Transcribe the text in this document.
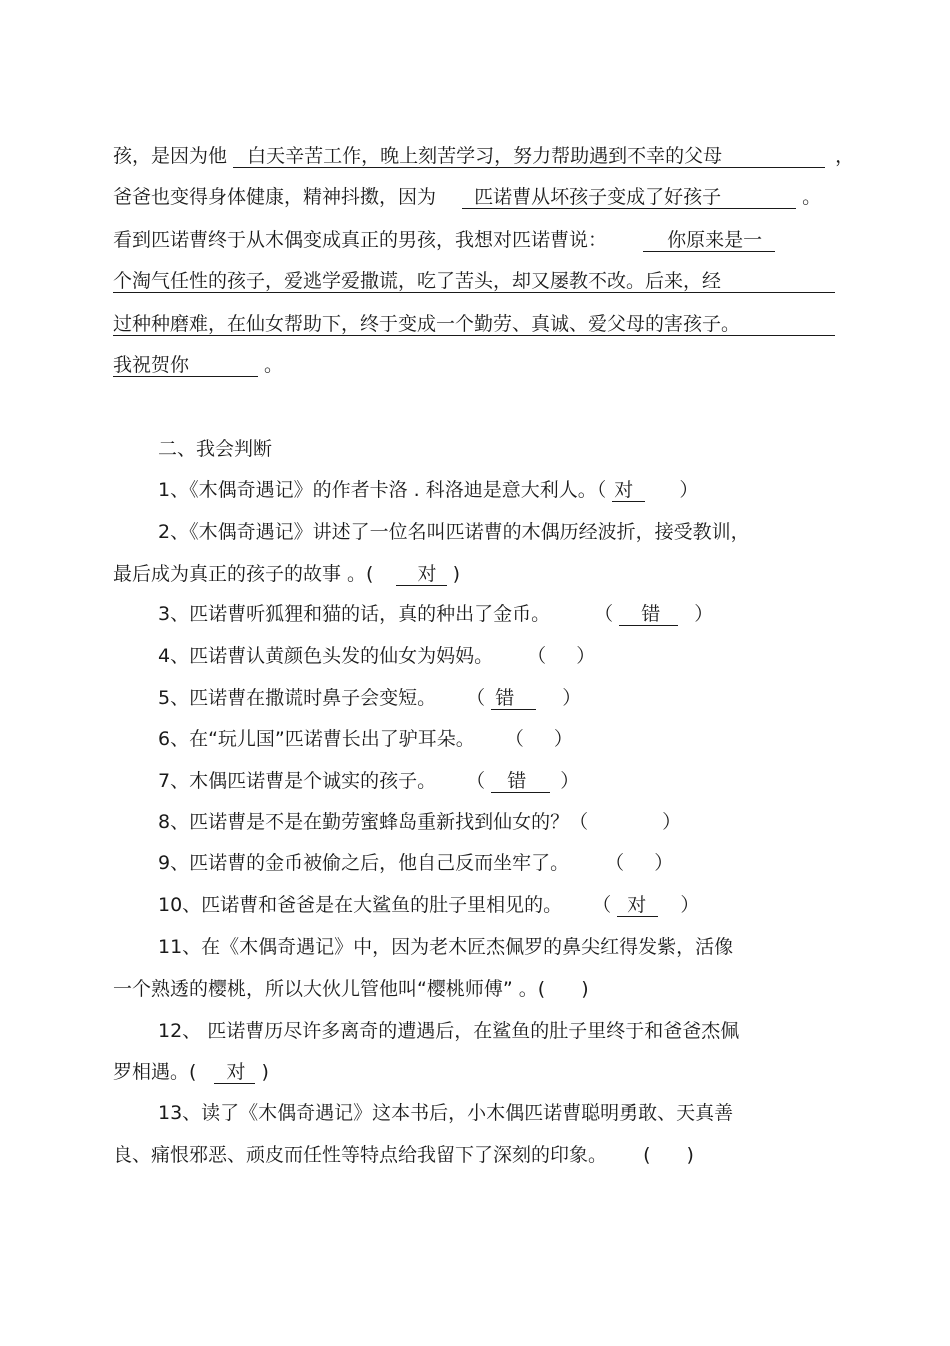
孩，是因为他 白天辛苦工作，晚上刻苦学习，努力帮助遇到不幸的父母	，
爸爸也变得身体健康，精神抖擞，因为 匹诺曹从坏孩子变成了好孩子	。
看到匹诺曹终于从木偶变成真正的男孩，我想对匹诺曹说：	你原来是一
个淘气任性的孩子，爱逃学爱撒谎，吃了苦头，却又屡教不改。后来，经
过种种磨难，在仙女帮助下，终于变成一个勤劳、真诚、爱父母的害孩子。
我祝贺你	。
二、我会判断
1、《木偶奇遇记》的作者卡洛 . 科洛迪是意大利人。（ 对 ）
2、《木偶奇遇记》讲述了一位名叫匹诺曹的木偶历经波折，接受教训，
最后成为真正的孩子的故事 。( 对 )
3、匹诺曹听狐狸和猫的话，真的种出了金币。 （ 错 ）
4、匹诺曹认黄颜色头发的仙女为妈妈。 （ ）
5、匹诺曹在撒谎时鼻子会变短。 （ 错	）
6、在“玩儿国”匹诺曹长出了驴耳朵。 （ ）
7、木偶匹诺曹是个诚实的孩子。 （ 错 ）
8、匹诺曹是不是在勤劳蜜蜂岛重新找到仙女的？（	）
9、匹诺曹的金币被偷之后，他自己反而坐牢了。 （ ）
10、匹诺曹和爸爸是在大鲨鱼的肚子里相见的。 （ 对 ）
11、在《木偶奇遇记》中，因为老木匠杰佩罗的鼻尖红得发紫，活像
一个熟透的樱桃，所以大伙儿管他叫“樱桃师傅” 。( )
12、 匹诺曹历尽许多离奇的遭遇后，在鲨鱼的肚子里终于和爸爸杰佩
罗相遇。( 对 )
13、读了《木偶奇遇记》这本书后，小木偶匹诺曹聪明勇敢、天真善
良、痛恨邪恶、顽皮而任性等特点给我留下了深刻的印象。 ( )
